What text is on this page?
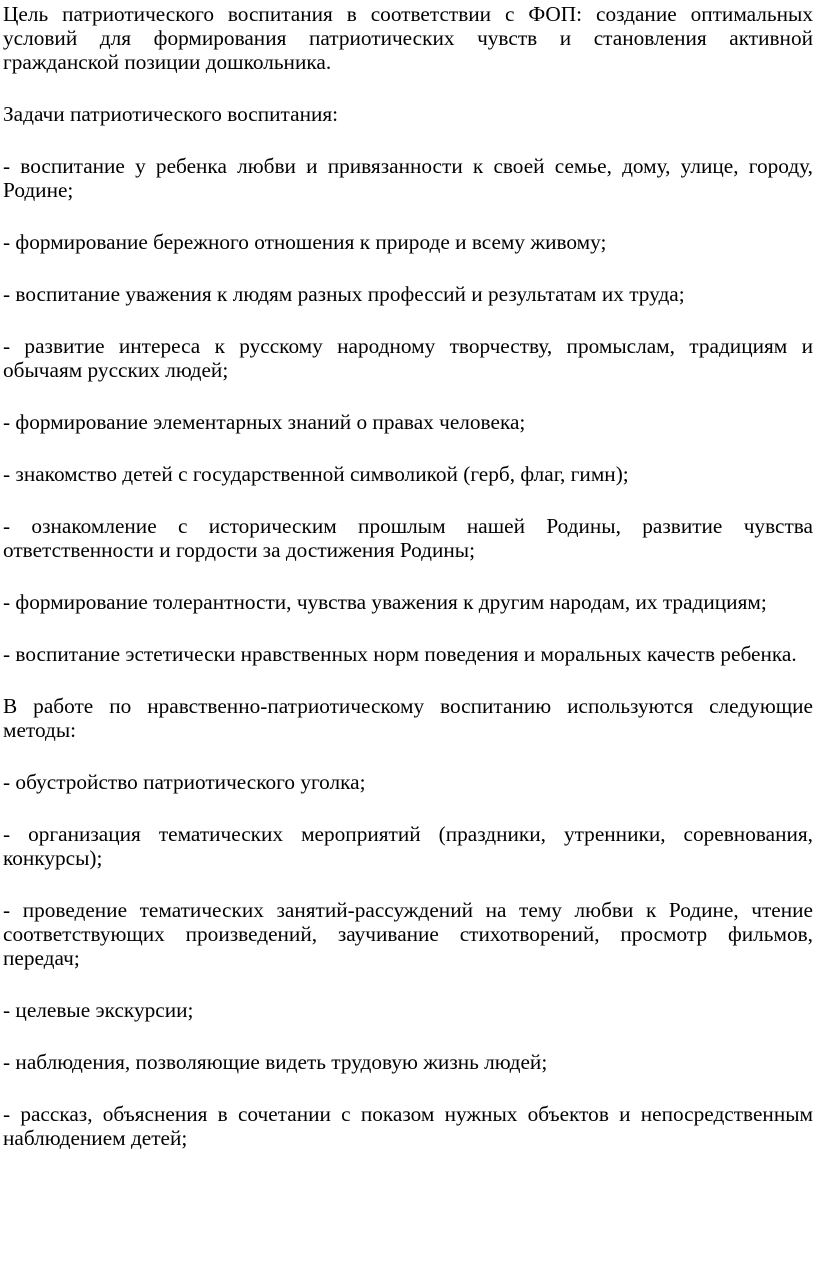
Цель патриотического воспитания в соответствии с ФОП: создание оптимальных условий для формирования патриотических чувств и становления активной гражданской позиции дошкольника.

Задачи патриотического воспитания:

- воспитание у ребенка любви и привязанности к своей семье, дому, улице, городу, Родине;

- формирование бережного отношения к природе и всему живому;

- воспитание уважения к людям разных профессий и результатам их труда;

- развитие интереса к русскому народному творчеству, промыслам, традициям и обычаям русских людей;

- формирование элементарных знаний о правах человека;

- знакомство детей с государственной символикой (герб, флаг, гимн);

- ознакомление с историческим прошлым нашей Родины, развитие чувства ответственности и гордости за достижения Родины;

- формирование толерантности, чувства уважения к другим народам, их традициям;

- воспитание эстетически нравственных норм поведения и моральных качеств ребенка.

В работе по нравственно-патриотическому воспитанию используются следующие методы:

- обустройство патриотического уголка;

- организация тематических мероприятий (праздники, утренники, соревнования, конкурсы);

- проведение тематических занятий-рассуждений на тему любви к Родине, чтение соответствующих произведений, заучивание стихотворений, просмотр фильмов, передач;

- целевые экскурсии;

- наблюдения, позволяющие видеть трудовую жизнь людей;

- рассказ, объяснения в сочетании с показом нужных объектов и непосредственным наблюдением детей;
